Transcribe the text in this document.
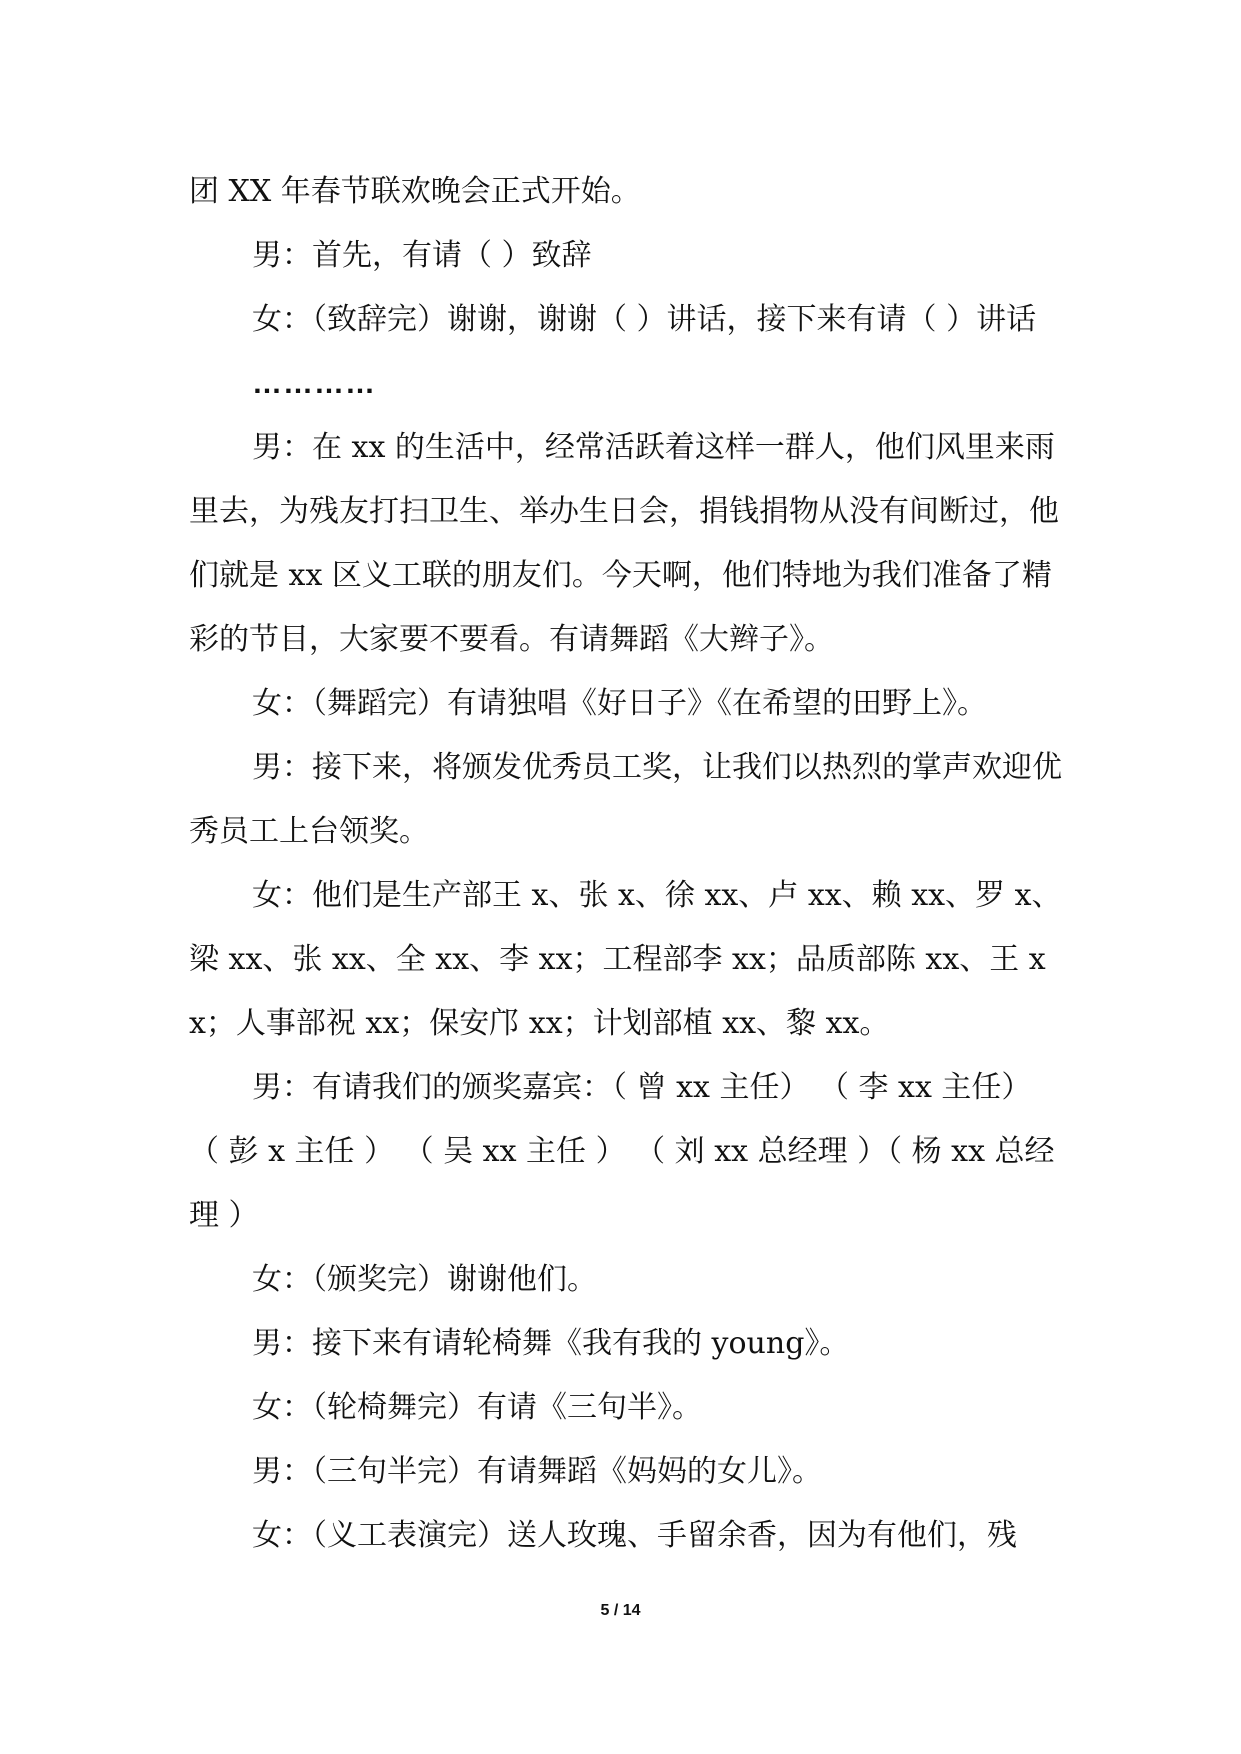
团 XX 年春节联欢晚会正式开始。

男：首先，有请（ ）致辞

女：（致辞完）谢谢，谢谢（ ）讲话，接下来有请（ ）讲话

…………

男：在 xx 的生活中，经常活跃着这样一群人，他们风里来雨里去，为残友打扫卫生、举办生日会，捐钱捐物从没有间断过，他们就是 xx 区义工联的朋友们。今天啊，他们特地为我们准备了精彩的节目，大家要不要看。有请舞蹈《大辫子》。

女：（舞蹈完）有请独唱《好日子》《在希望的田野上》。

男：接下来，将颁发优秀员工奖，让我们以热烈的掌声欢迎优秀员工上台领奖。

女：他们是生产部王 x、张 x、徐 xx、卢 xx、赖 xx、罗 x、梁 xx、张 xx、全 xx、李 xx；工程部李 xx；品质部陈 xx、王 xx；人事部祝 xx；保安邝 xx；计划部植 xx、黎 xx。

男：有请我们的颁奖嘉宾：（ 曾 xx 主任） （ 李 xx 主任） （ 彭 x 主任 ） （ 吴 xx 主任 ） （ 刘 xx 总经理 ）（ 杨 xx 总经理 ）

女：（颁奖完）谢谢他们。

男：接下来有请轮椅舞《我有我的 young》。

女：（轮椅舞完）有请《三句半》。

男：（三句半完）有请舞蹈《妈妈的女儿》。

女：（义工表演完）送人玫瑰、手留余香，因为有他们，残

5 / 14
